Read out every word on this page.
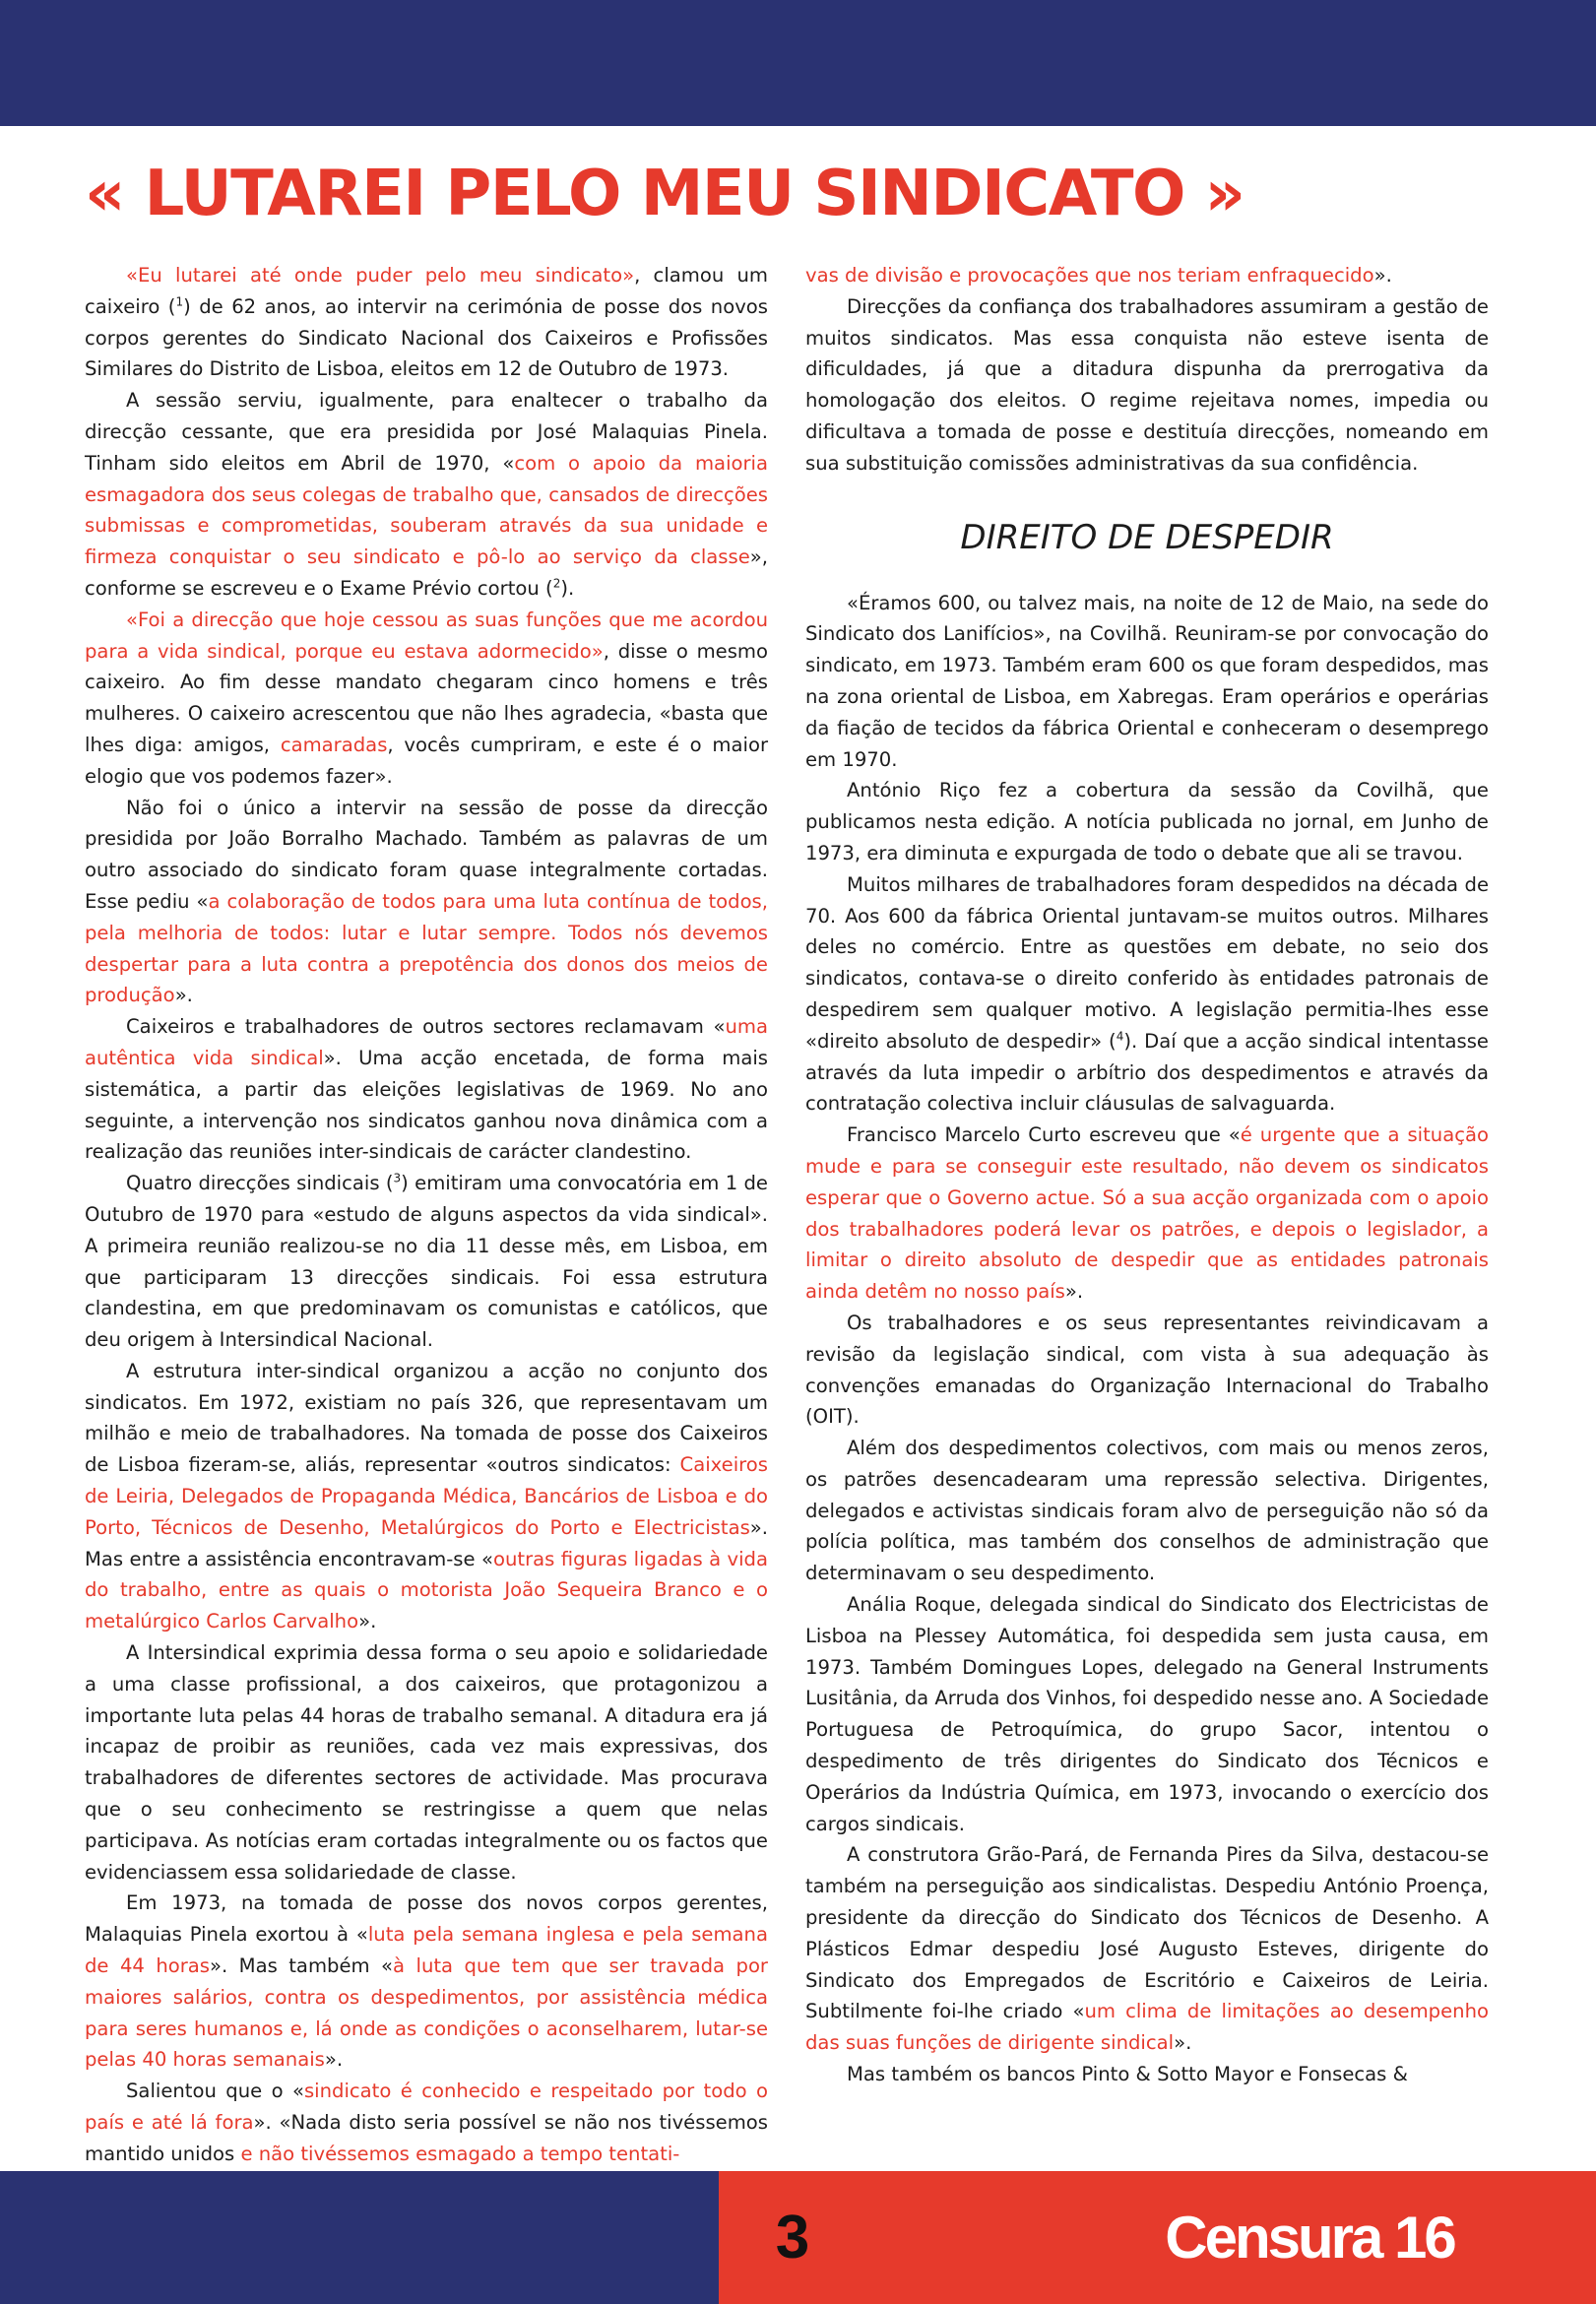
« LUTAREI PELO MEU SINDICATO »

«Eu lutarei até onde puder pelo meu sindicato», clamou um caixeiro ($^1$) de 62 anos, ao intervir na cerimónia de posse dos novos corpos gerentes do Sindicato Nacional dos Caixeiros e Profissões Similares do Distrito de Lisboa, eleitos em 12 de Outubro de 1973.

A sessão serviu, igualmente, para enaltecer o trabalho da direcção cessante, que era presidida por José Malaquias Pinela. Tinham sido eleitos em Abril de 1970, «com o apoio da maioria esmagadora dos seus colegas de trabalho que, cansados de direcções submissas e comprometidas, souberam através da sua unidade e firmeza conquistar o seu sindicato e pô-lo ao serviço da classe», conforme se escreveu e o Exame Prévio cortou ($^2$).

«Foi a direcção que hoje cessou as suas funções que me acordou para a vida sindical, porque eu estava adormecido», disse o mesmo caixeiro. Ao fim desse mandato chegaram cinco homens e três mulheres. O caixeiro acrescentou que não lhes agradecia, «basta que lhes diga: amigos, camaradas, vocês cumpriram, e este é o maior elogio que vos podemos fazer».

Não foi o único a intervir na sessão de posse da direcção presidida por João Borralho Machado. Também as palavras de um outro associado do sindicato foram quase integralmente cortadas. Esse pediu «a colaboração de todos para uma luta contínua de todos, pela melhoria de todos: lutar e lutar sempre. Todos nós devemos despertar para a luta contra a prepotência dos donos dos meios de produção».

Caixeiros e trabalhadores de outros sectores reclamavam «uma autêntica vida sindical». Uma acção encetada, de forma mais sistemática, a partir das eleições legislativas de 1969. No ano seguinte, a intervenção nos sindicatos ganhou nova dinâmica com a realização das reuniões inter-sindicais de carácter clandestino.

Quatro direcções sindicais ($^3$) emitiram uma convocatória em 1 de Outubro de 1970 para «estudo de alguns aspectos da vida sindical». A primeira reunião realizou-se no dia 11 desse mês, em Lisboa, em que participaram 13 direcções sindicais. Foi essa estrutura clandestina, em que predominavam os comunistas e católicos, que deu origem à Intersindical Nacional.

A estrutura inter-sindical organizou a acção no conjunto dos sindicatos. Em 1972, existiam no país 326, que representavam um milhão e meio de trabalhadores. Na tomada de posse dos Caixeiros de Lisboa fizeram-se, aliás, representar «outros sindicatos: Caixeiros de Leiria, Delegados de Propaganda Médica, Bancários de Lisboa e do Porto, Técnicos de Desenho, Metalúrgicos do Porto e Electricistas». Mas entre a assistência encontravam-se «outras figuras ligadas à vida do trabalho, entre as quais o motorista João Sequeira Branco e o metalúrgico Carlos Carvalho».

A Intersindical exprimia dessa forma o seu apoio e solidariedade a uma classe profissional, a dos caixeiros, que protagonizou a importante luta pelas 44 horas de trabalho semanal. A ditadura era já incapaz de proibir as reuniões, cada vez mais expressivas, dos trabalhadores de diferentes sectores de actividade. Mas procurava que o seu conhecimento se restringisse a quem que nelas participava. As notícias eram cortadas integralmente ou os factos que evidenciassem essa solidariedade de classe.

Em 1973, na tomada de posse dos novos corpos gerentes, Malaquias Pinela exortou à «luta pela semana inglesa e pela semana de 44 horas». Mas também «à luta que tem que ser travada por maiores salários, contra os despedimentos, por assistência médica para seres humanos e, lá onde as condições o aconselharem, lutar-se pelas 40 horas semanais».

Salientou que o «sindicato é conhecido e respeitado por todo o país e até lá fora». «Nada disto seria possível se não nos tivéssemos mantido unidos e não tivéssemos esmagado a tempo tentati-

vas de divisão e provocações que nos teriam enfraquecido».

Direcções da confiança dos trabalhadores assumiram a gestão de muitos sindicatos. Mas essa conquista não esteve isenta de dificuldades, já que a ditadura dispunha da prerrogativa da homologação dos eleitos. O regime rejeitava nomes, impedia ou dificultava a tomada de posse e destituía direcções, nomeando em sua substituição comissões administrativas da sua confidência.

DIREITO DE DESPEDIR

«Éramos 600, ou talvez mais, na noite de 12 de Maio, na sede do Sindicato dos Lanifícios», na Covilhã. Reuniram-se por convocação do sindicato, em 1973. Também eram 600 os que foram despedidos, mas na zona oriental de Lisboa, em Xabregas. Eram operários e operárias da fiação de tecidos da fábrica Oriental e conheceram o desemprego em 1970.

António Riço fez a cobertura da sessão da Covilhã, que publicamos nesta edição. A notícia publicada no jornal, em Junho de 1973, era diminuta e expurgada de todo o debate que ali se travou.

Muitos milhares de trabalhadores foram despedidos na década de 70. Aos 600 da fábrica Oriental juntavam-se muitos outros. Milhares deles no comércio. Entre as questões em debate, no seio dos sindicatos, contava-se o direito conferido às entidades patronais de despedirem sem qualquer motivo. A legislação permitia-lhes esse «direito absoluto de despedir» ($^4$). Daí que a acção sindical intentasse através da luta impedir o arbítrio dos despedimentos e através da contratação colectiva incluir cláusulas de salvaguarda.

Francisco Marcelo Curto escreveu que «é urgente que a situação mude e para se conseguir este resultado, não devem os sindicatos esperar que o Governo actue. Só a sua acção organizada com o apoio dos trabalhadores poderá levar os patrões, e depois o legislador, a limitar o direito absoluto de despedir que as entidades patronais ainda detêm no nosso país».

Os trabalhadores e os seus representantes reivindicavam a revisão da legislação sindical, com vista à sua adequação às convenções emanadas do Organização Internacional do Trabalho (OIT).

Além dos despedimentos colectivos, com mais ou menos zeros, os patrões desencadearam uma repressão selectiva. Dirigentes, delegados e activistas sindicais foram alvo de perseguição não só da polícia política, mas também dos conselhos de administração que determinavam o seu despedimento.

Anália Roque, delegada sindical do Sindicato dos Electricistas de Lisboa na Plessey Automática, foi despedida sem justa causa, em 1973. Também Domingues Lopes, delegado na General Instruments Lusitânia, da Arruda dos Vinhos, foi despedido nesse ano. A Sociedade Portuguesa de Petroquímica, do grupo Sacor, intentou o despedimento de três dirigentes do Sindicato dos Técnicos e Operários da Indústria Química, em 1973, invocando o exercício dos cargos sindicais.

A construtora Grão-Pará, de Fernanda Pires da Silva, destacou-se também na perseguição aos sindicalistas. Despediu António Proença, presidente da direcção do Sindicato dos Técnicos de Desenho. A Plásticos Edmar despediu José Augusto Esteves, dirigente do Sindicato dos Empregados de Escritório e Caixeiros de Leiria. Subtilmente foi-lhe criado «um clima de limitações ao desempenho das suas funções de dirigente sindical».

Mas também os bancos Pinto & Sotto Mayor e Fonsecas &

3	Censura 16
